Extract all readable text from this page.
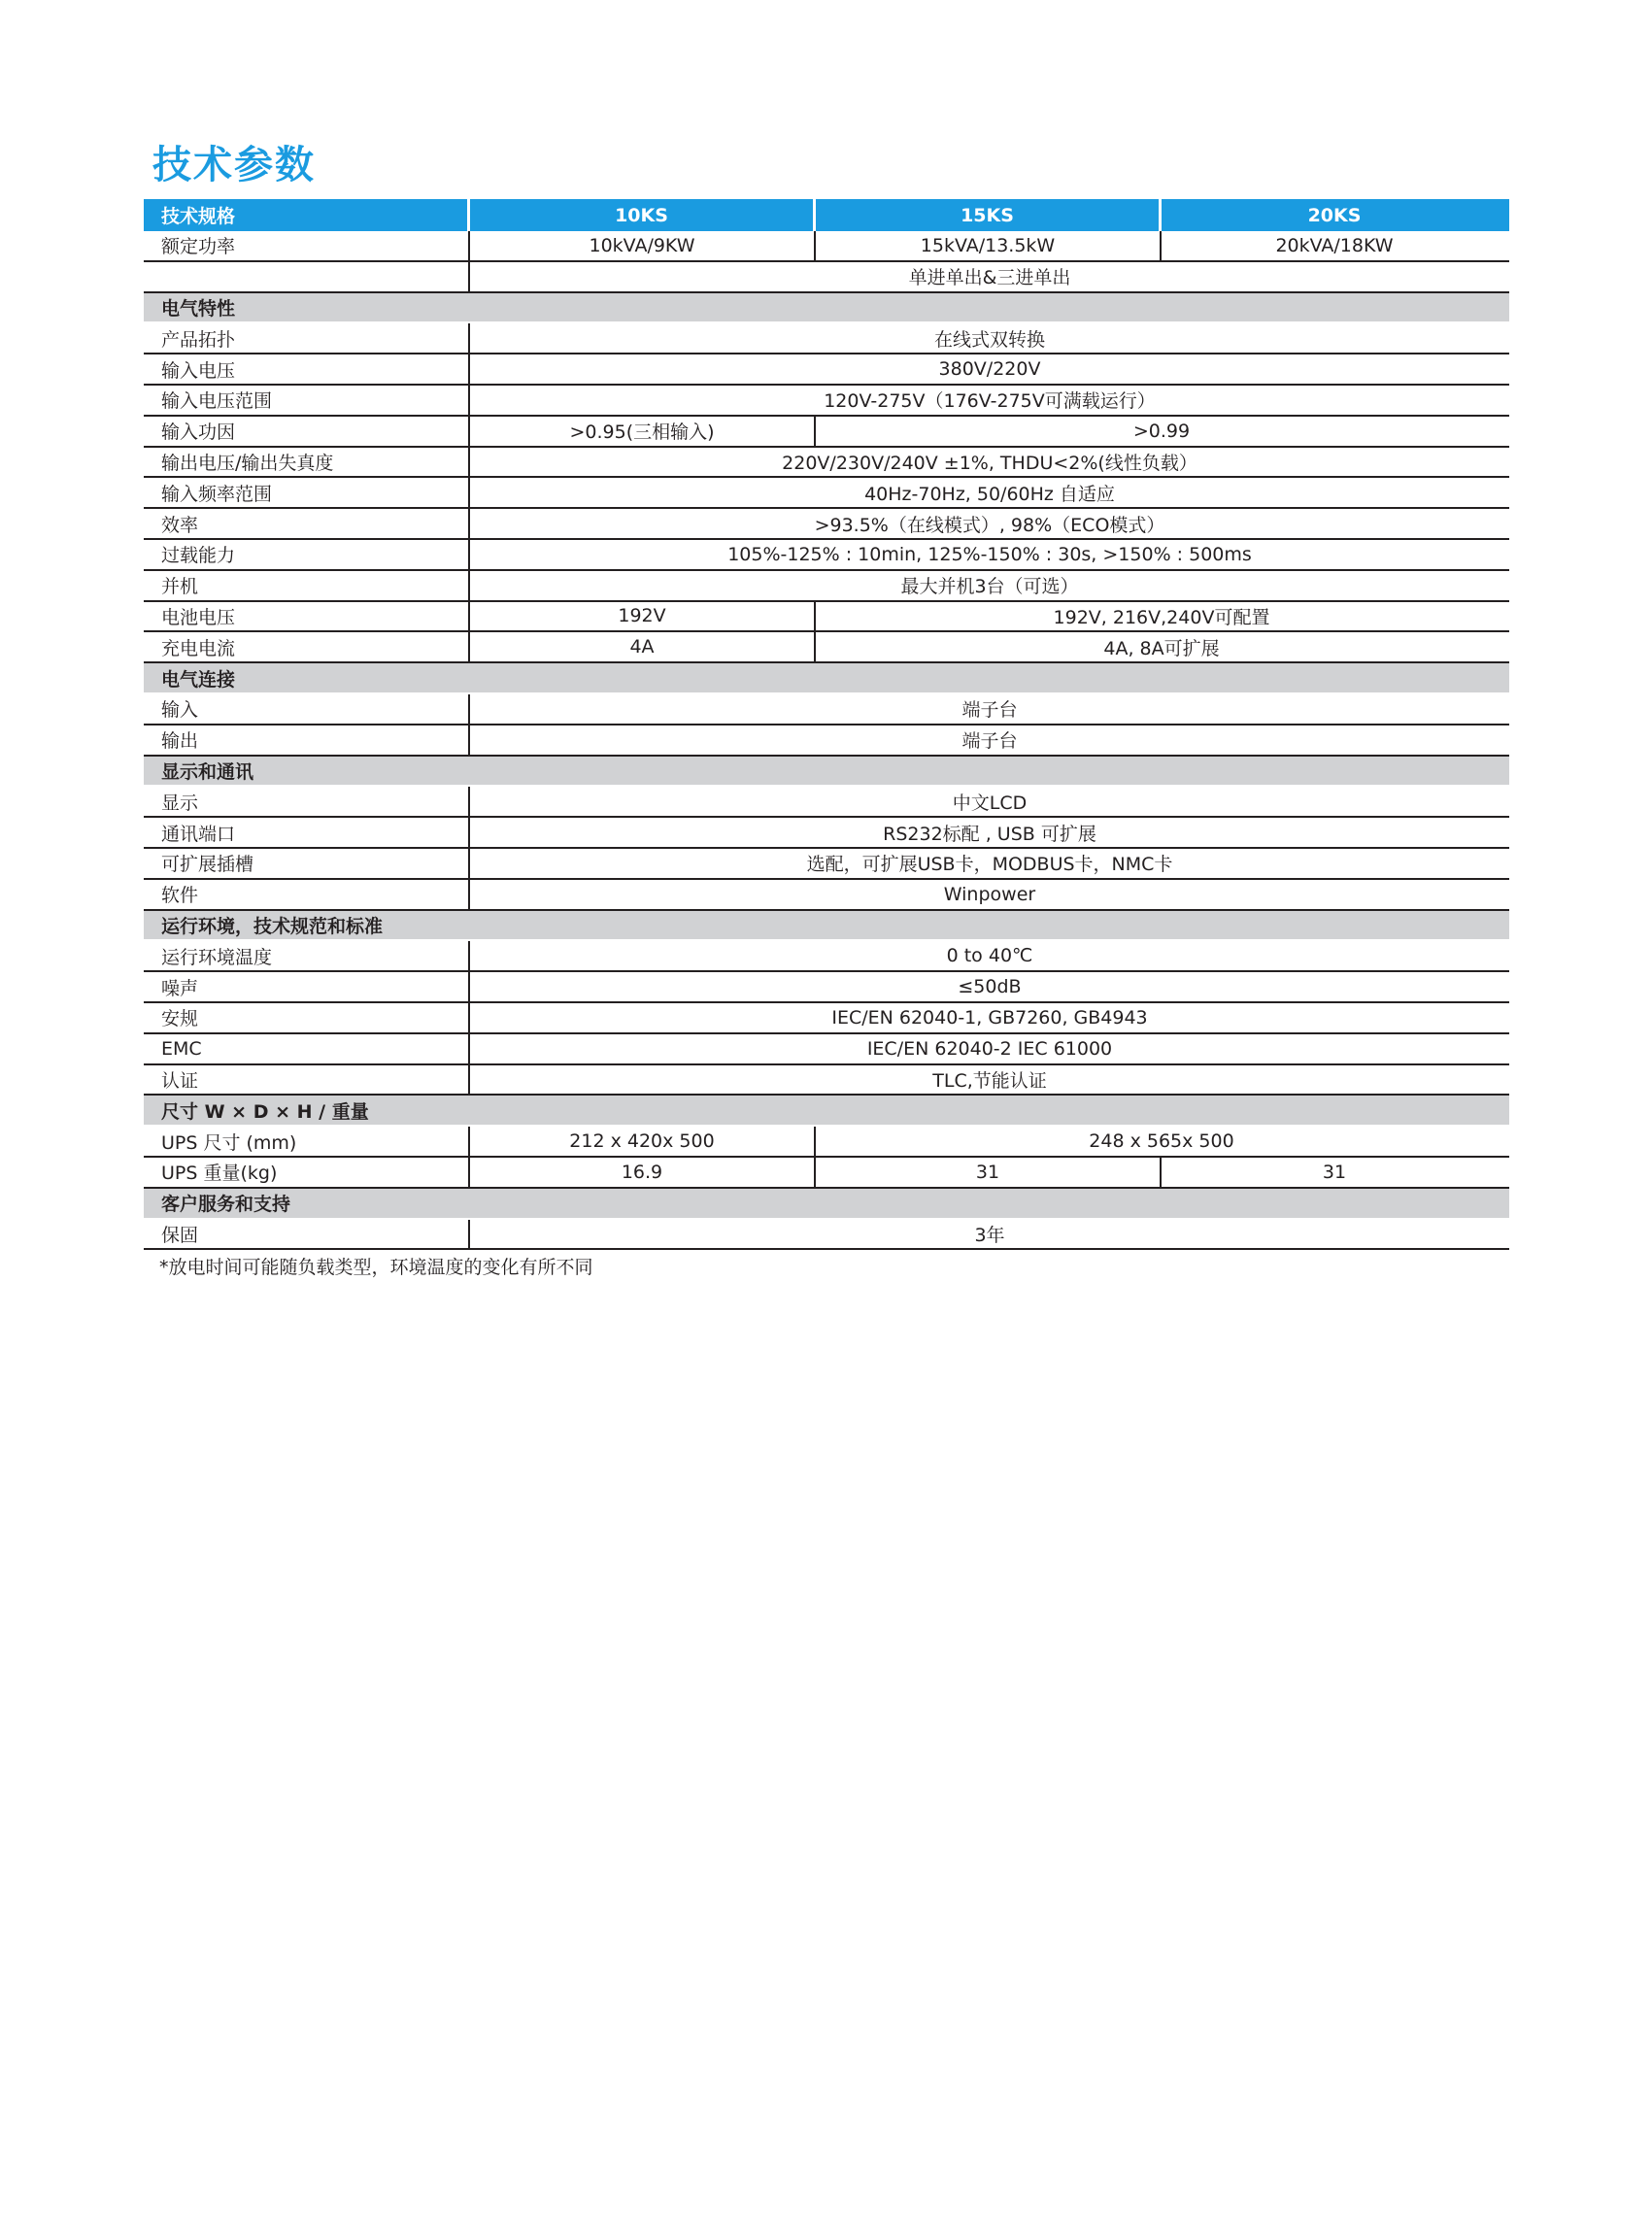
技术参数
技术规格	10KS	15KS	20KS
额定功率	10kVA/9KW	15kVA/13.5kW	20kVA/18KW
单进单出&三进单出
电气特性
产品拓扑	在线式双转换
输入电压	380V/220V
输入电压范围	120V-275V（176V-275V可满载运行）
输入功因	>0.95(三相输入)	>0.99
输出电压/输出失真度	220V/230V/240V ±1%, THDU<2%(线性负载）
输入频率范围	40Hz-70Hz, 50/60Hz 自适应
效率	>93.5%（在线模式）, 98%（ECO模式）
过载能力	105%-125% : 10min, 125%-150% : 30s, >150% : 500ms
并机	最大并机3台（可选）
电池电压	192V	192V, 216V,240V可配置
充电电流	4A	4A, 8A可扩展
电气连接
输入	端子台
输出	端子台
显示和通讯
显示	中文LCD
通讯端口	RS232标配 , USB 可扩展
可扩展插槽	选配，可扩展USB卡，MODBUS卡，NMC卡
软件	Winpower
运行环境，技术规范和标准
运行环境温度	0 to 40℃
噪声	≤50dB
安规	IEC/EN 62040-1, GB7260, GB4943
EMC	IEC/EN 62040-2 IEC 61000
认证	TLC,节能认证
尺寸 W × D × H / 重量
UPS 尺寸 (mm)	212 x 420x 500	248 x 565x 500
UPS 重量(kg)	16.9	31	31
客户服务和支持
保固	3年

*放电时间可能随负载类型，环境温度的变化有所不同
